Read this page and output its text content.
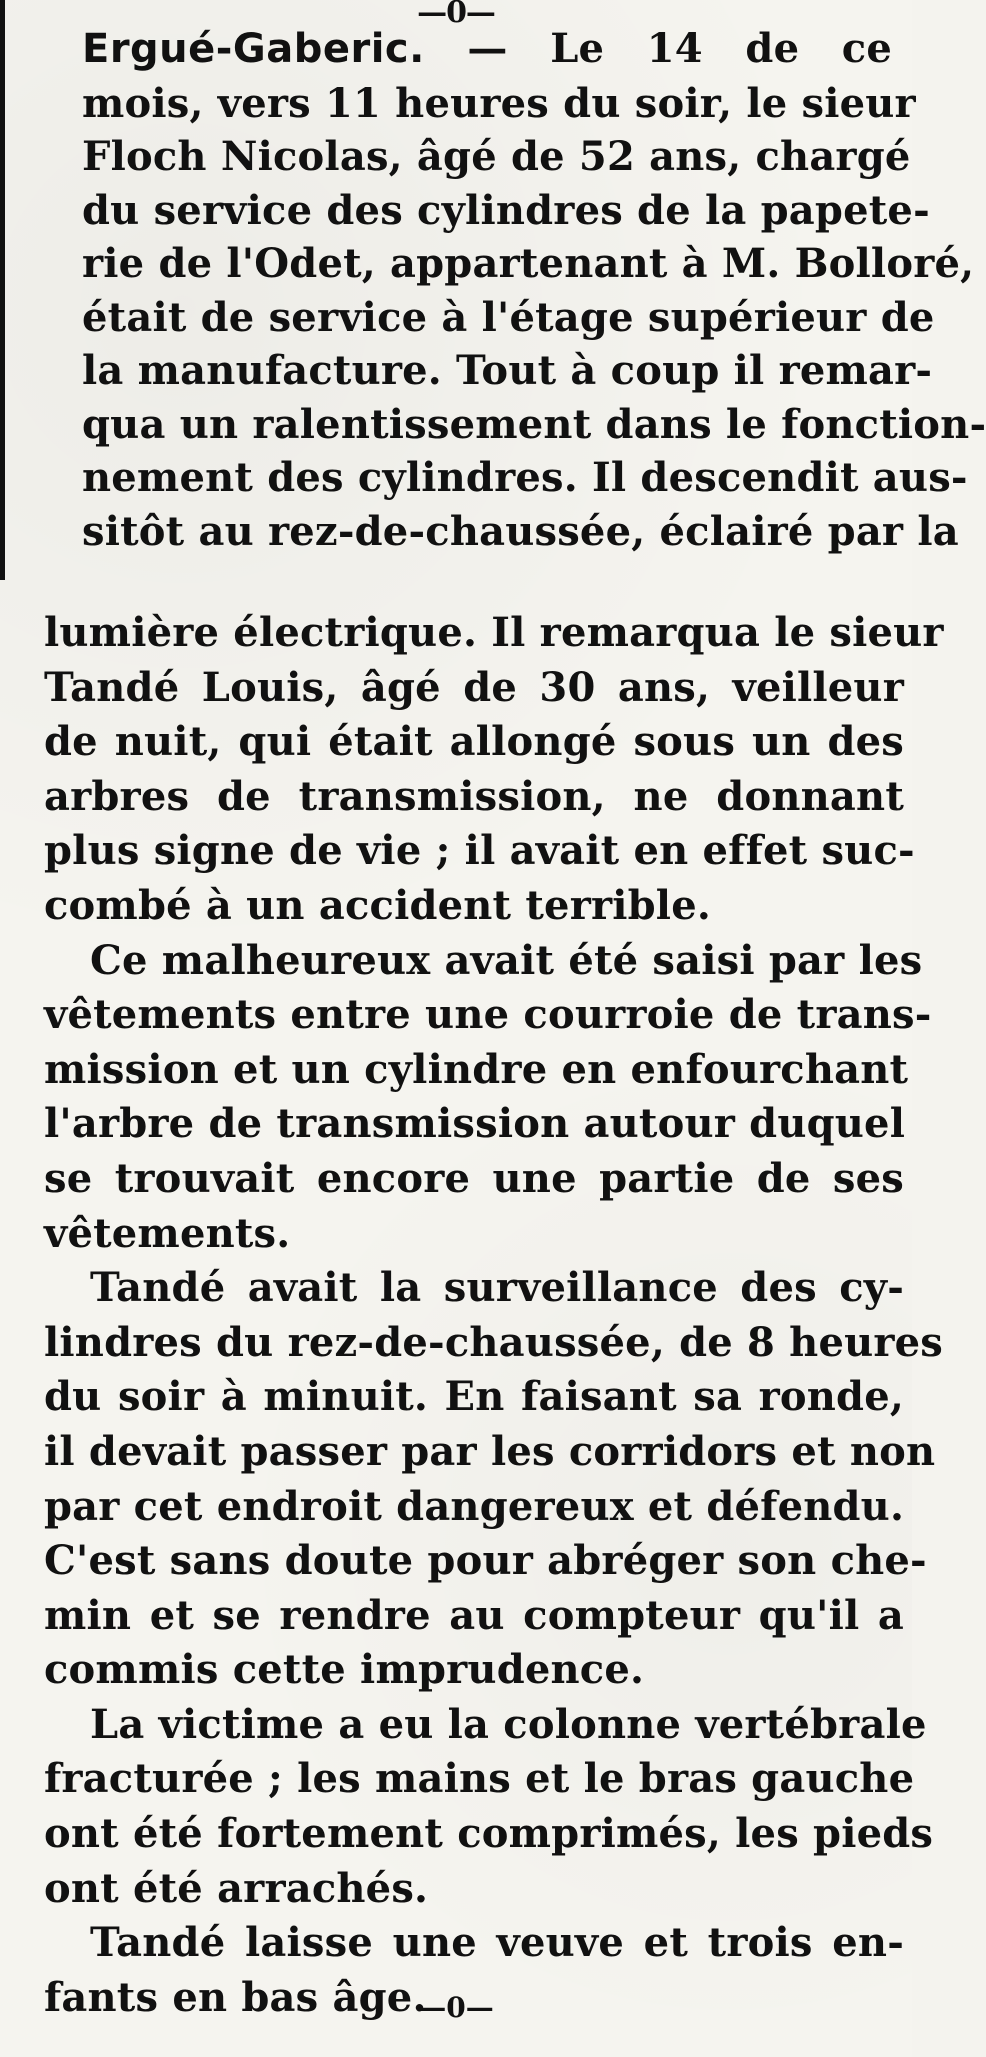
—0—
Ergué-Gaberic. — Le 14 de ce
mois, vers 11 heures du soir, le sieur
Floch Nicolas, âgé de 52 ans, chargé
du service des cylindres de la papete-
rie de l'Odet, appartenant à M. Bolloré,
était de service à l'étage supérieur de
la manufacture. Tout à coup il remar-
qua un ralentissement dans le fonction-
nement des cylindres. Il descendit aus-
sitôt au rez-de-chaussée, éclairé par la
lumière électrique. Il remarqua le sieur
Tandé Louis, âgé de 30 ans, veilleur
de nuit, qui était allongé sous un des
arbres de transmission, ne donnant
plus signe de vie ; il avait en effet suc-
combé à un accident terrible.
Ce malheureux avait été saisi par les
vêtements entre une courroie de trans-
mission et un cylindre en enfourchant
l'arbre de transmission autour duquel
se trouvait encore une partie de ses
vêtements.
Tandé avait la surveillance des cy-
lindres du rez-de-chaussée, de 8 heures
du soir à minuit. En faisant sa ronde,
il devait passer par les corridors et non
par cet endroit dangereux et défendu.
C'est sans doute pour abréger son che-
min et se rendre au compteur qu'il a
commis cette imprudence.
La victime a eu la colonne vertébrale
fracturée ; les mains et le bras gauche
ont été fortement comprimés, les pieds
ont été arrachés.
Tandé laisse une veuve et trois en-
fants en bas âge.
—0—
